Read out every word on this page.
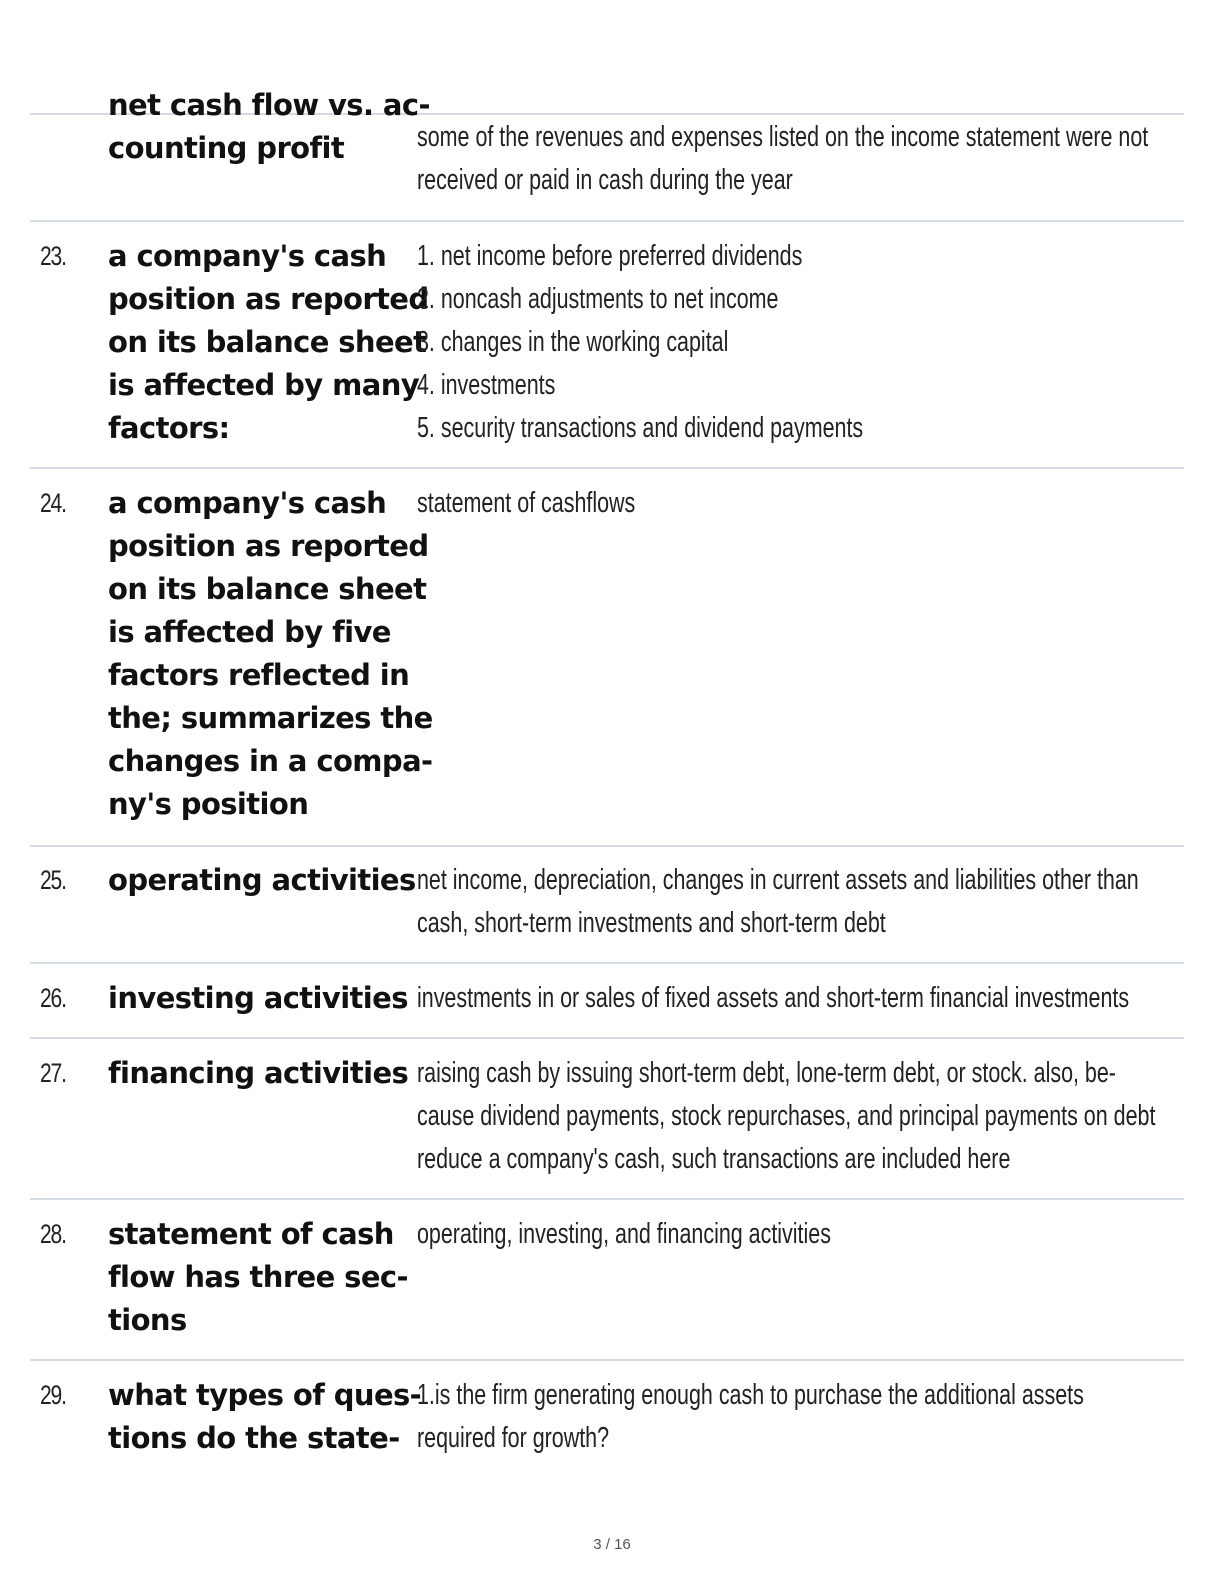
net cash flow vs. ac-
counting profit	some of the revenues and expenses listed on the income statement were not
received or paid in cash during the year
23. a company's cash
position as reported
on its balance sheet
is affected by many
factors:
1. net income before preferred dividends
2. noncash adjustments to net income
3. changes in the working capital
4. investments
5. security transactions and dividend payments
24. a company's cash
position as reported
on its balance sheet
is affected by five
factors reflected in
the; summarizes the
changes in a compa-
ny's position
statement of cashflows
25. operating activities net income, depreciation, changes in current assets and liabilities other than
cash, short-term investments and short-term debt
26. investing activities investments in or sales of fixed assets and short-term financial investments
27. financing activities raising cash by issuing short-term debt, lone-term debt, or stock. also, be-
cause dividend payments, stock repurchases, and principal payments on debt
reduce a company's cash, such transactions are included here
28. statement of cash
flow has three sec-
tions
operating, investing, and financing activities
29. what types of ques-
tions do the state-
1.is the firm generating enough cash to purchase the additional assets
required for growth?
3 / 16
